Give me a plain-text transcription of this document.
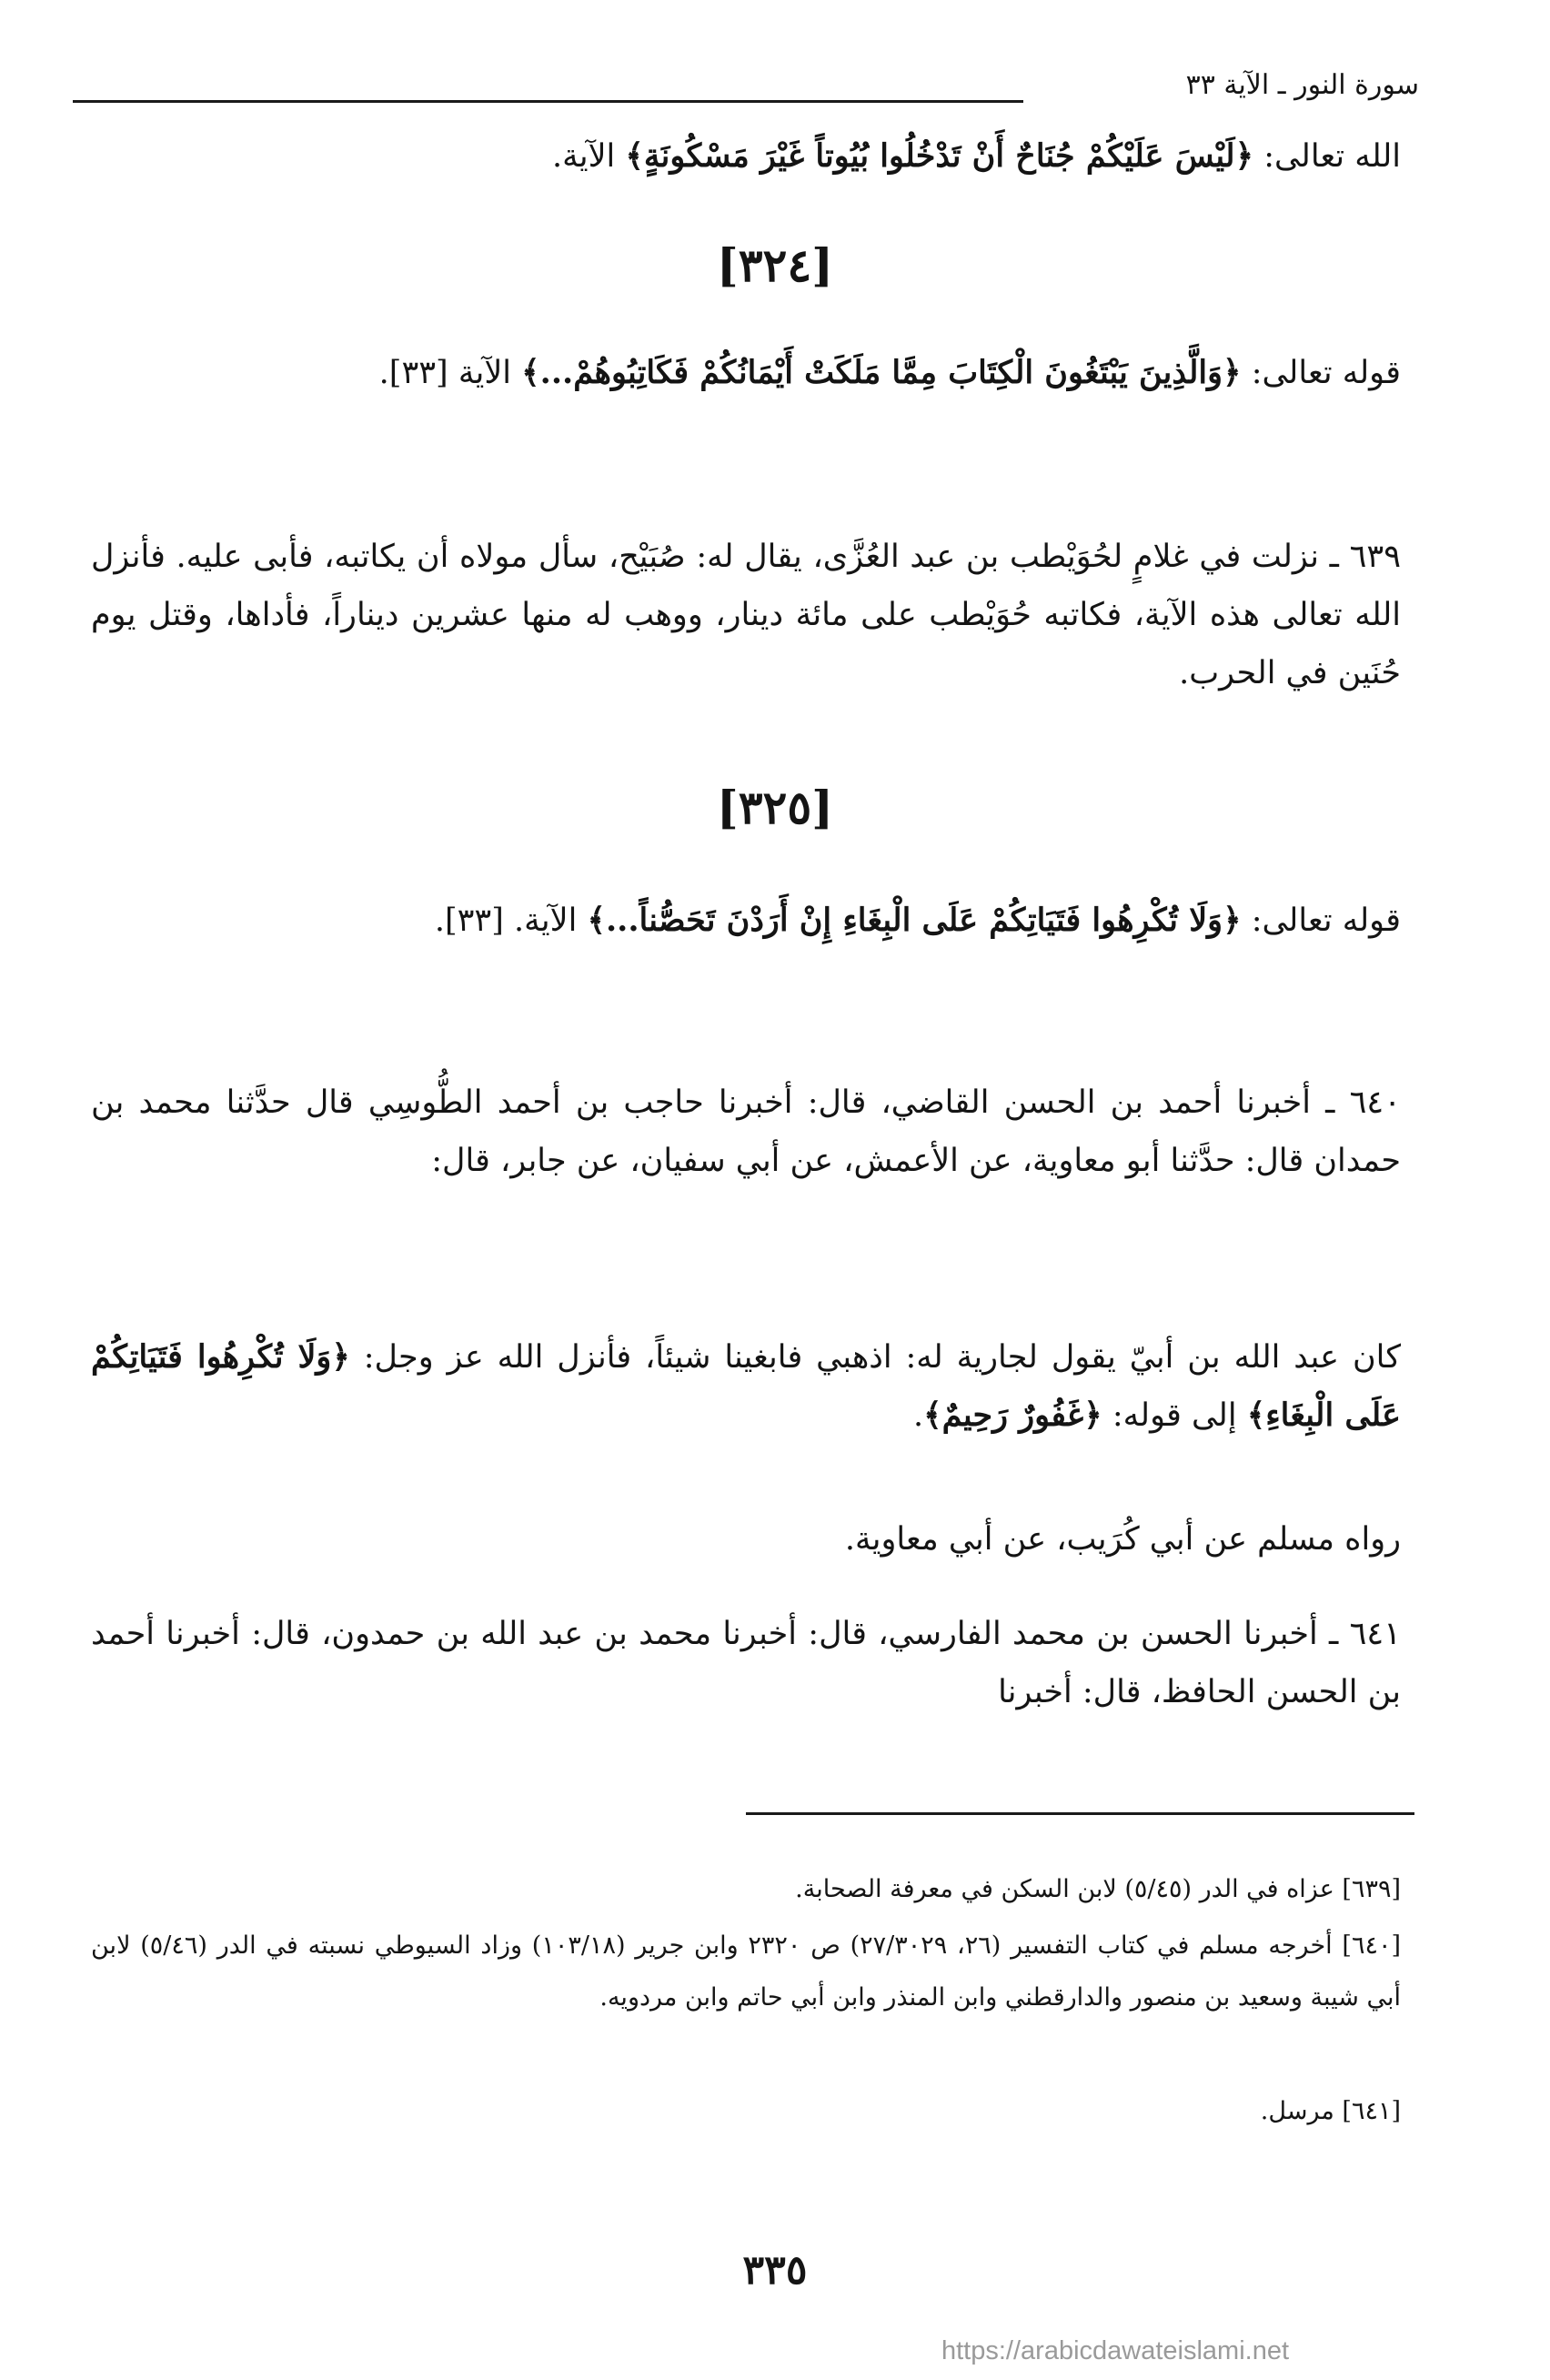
سورة النور ـ الآية ٣٣

الله تعالى: ﴿لَيْسَ عَلَيْكُمْ جُنَاحٌ أَنْ تَدْخُلُوا بُيُوتاً غَيْرَ مَسْكُونَةٍ﴾ الآية.

[٣٢٤]

قوله تعالى: ﴿وَالَّذِينَ يَبْتَغُونَ الْكِتَابَ مِمَّا مَلَكَتْ أَيْمَانُكُمْ فَكَاتِبُوهُمْ...﴾ الآية [٣٣].

٦٣٩ ـ نزلت في غلامٍ لحُوَيْطب بن عبد العُزَّى، يقال له: صُبَيْح، سأل مولاه أن يكاتبه، فأبى عليه. فأنزل الله تعالى هذه الآية، فكاتبه حُوَيْطب على مائة دينار، ووهب له منها عشرين ديناراً، فأداها، وقتل يوم حُنَين في الحرب.

[٣٢٥]

قوله تعالى: ﴿وَلَا تُكْرِهُوا فَتَيَاتِكُمْ عَلَى الْبِغَاءِ إِنْ أَرَدْنَ تَحَصُّناً...﴾ الآية. [٣٣].

٦٤٠ ـ أخبرنا أحمد بن الحسن القاضي، قال: أخبرنا حاجب بن أحمد الطُّوسِي قال حدَّثنا محمد بن حمدان قال: حدَّثنا أبو معاوية، عن الأعمش، عن أبي سفيان، عن جابر، قال:

كان عبد الله بن أبيّ يقول لجارية له: اذهبي فابغينا شيئاً، فأنزل الله عز وجل: ﴿وَلَا تُكْرِهُوا فَتَيَاتِكُمْ عَلَى الْبِغَاءِ﴾ إلى قوله: ﴿غَفُورٌ رَحِيمٌ﴾.

رواه مسلم عن أبي كُرَيب، عن أبي معاوية.

٦٤١ ـ أخبرنا الحسن بن محمد الفارسي، قال: أخبرنا محمد بن عبد الله بن حمدون، قال: أخبرنا أحمد بن الحسن الحافظ، قال: أخبرنا

[٦٣٩] عزاه في الدر (٥/٤٥) لابن السكن في معرفة الصحابة.

[٦٤٠] أخرجه مسلم في كتاب التفسير (٢٦، ٢٧/٣٠٢٩) ص ٢٣٢٠ وابن جرير (١٠٣/١٨) وزاد السيوطي نسبته في الدر (٥/٤٦) لابن أبي شيبة وسعيد بن منصور والدارقطني وابن المنذر وابن أبي حاتم وابن مردويه.

[٦٤١] مرسل.

٣٣٥
https://arabicdawateislami.net
